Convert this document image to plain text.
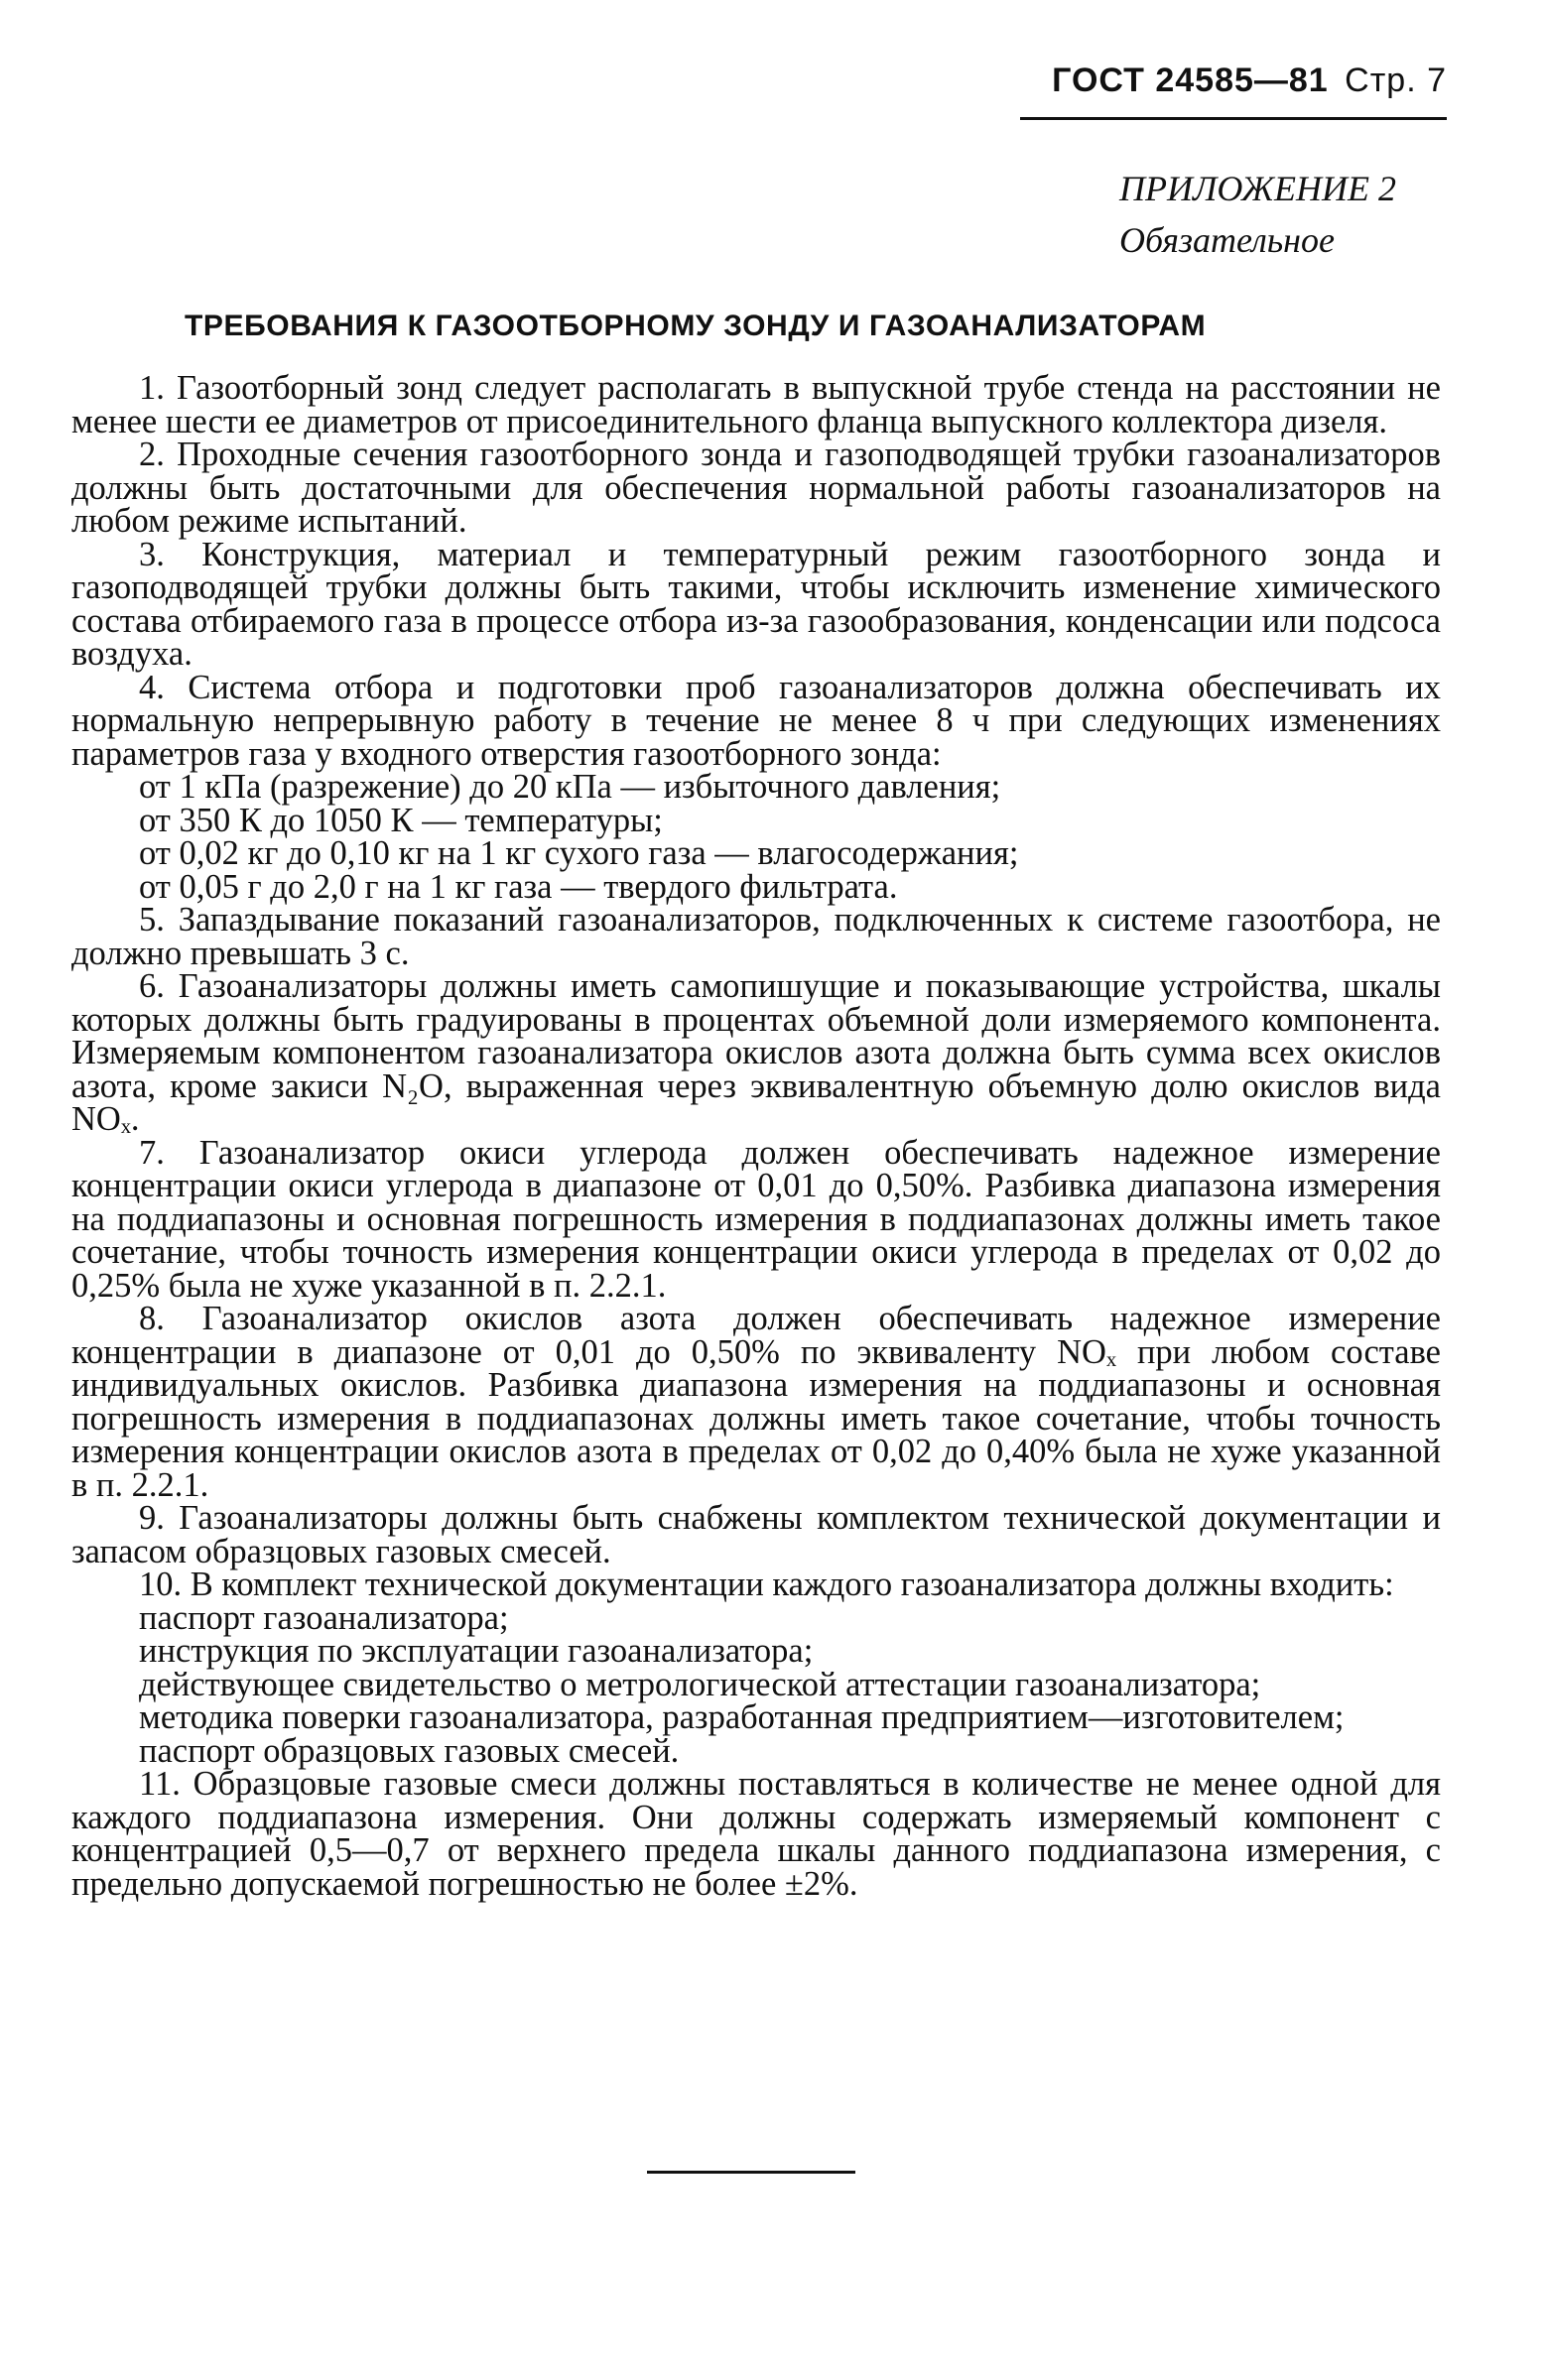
ГОСТ 24585—81 Стр. 7
ПРИЛОЖЕНИЕ 2
Обязательное
ТРЕБОВАНИЯ К ГАЗООТБОРНОМУ ЗОНДУ И ГАЗОАНАЛИЗАТОРАМ

1. Газоотборный зонд следует располагать в выпускной трубе стенда на расстоянии не менее шести ее диаметров от присоединительного фланца выпускного коллектора дизеля.

2. Проходные сечения газоотборного зонда и газоподводящей трубки газоанализаторов должны быть достаточными для обеспечения нормальной работы газоанализаторов на любом режиме испытаний.

3. Конструкция, материал и температурный режим газоотборного зонда и газоподводящей трубки должны быть такими, чтобы исключить изменение химического состава отбираемого газа в процессе отбора из-за газообразования, конденсации или подсоса воздуха.

4. Система отбора и подготовки проб газоанализаторов должна обеспечивать их нормальную непрерывную работу в течение не менее 8 ч при следующих изменениях параметров газа у входного отверстия газоотборного зонда:

от 1 кПа (разрежение) до 20 кПа — избыточного давления;

от 350 К до 1050 К — температуры;

от 0,02 кг до 0,10 кг на 1 кг сухого газа — влагосодержания;

от 0,05 г до 2,0 г на 1 кг газа — твердого фильтрата.

5. Запаздывание показаний газоанализаторов, подключенных к системе газоотбора, не должно превышать 3 с.

6. Газоанализаторы должны иметь самопишущие и показывающие устройства, шкалы которых должны быть градуированы в процентах объемной доли измеряемого компонента. Измеряемым компонентом газоанализатора окислов азота должна быть сумма всех окислов азота, кроме закиси N₂O, выраженная через эквивалентную объемную долю окислов вида NOₓ.

7. Газоанализатор окиси углерода должен обеспечивать надежное измерение концентрации окиси углерода в диапазоне от 0,01 до 0,50%. Разбивка диапазона измерения на поддиапазоны и основная погрешность измерения в поддиапазонах должны иметь такое сочетание, чтобы точность измерения концентрации окиси углерода в пределах от 0,02 до 0,25% была не хуже указанной в п. 2.2.1.

8. Газоанализатор окислов азота должен обеспечивать надежное измерение концентрации в диапазоне от 0,01 до 0,50% по эквиваленту NOₓ при любом составе индивидуальных окислов. Разбивка диапазона измерения на поддиапазоны и основная погрешность измерения в поддиапазонах должны иметь такое сочетание, чтобы точность измерения концентрации окислов азота в пределах от 0,02 до 0,40% была не хуже указанной в п. 2.2.1.

9. Газоанализаторы должны быть снабжены комплектом технической документации и запасом образцовых газовых смесей.

10. В комплект технической документации каждого газоанализатора должны входить:

паспорт газоанализатора;

инструкция по эксплуатации газоанализатора;

действующее свидетельство о метрологической аттестации газоанализатора;

методика поверки газоанализатора, разработанная предприятием—изготовителем;

паспорт образцовых газовых смесей.

11. Образцовые газовые смеси должны поставляться в количестве не менее одной для каждого поддиапазона измерения. Они должны содержать измеряемый компонент с концентрацией 0,5—0,7 от верхнего предела шкалы данного поддиапазона измерения, с предельно допускаемой погрешностью не более ±2%.
